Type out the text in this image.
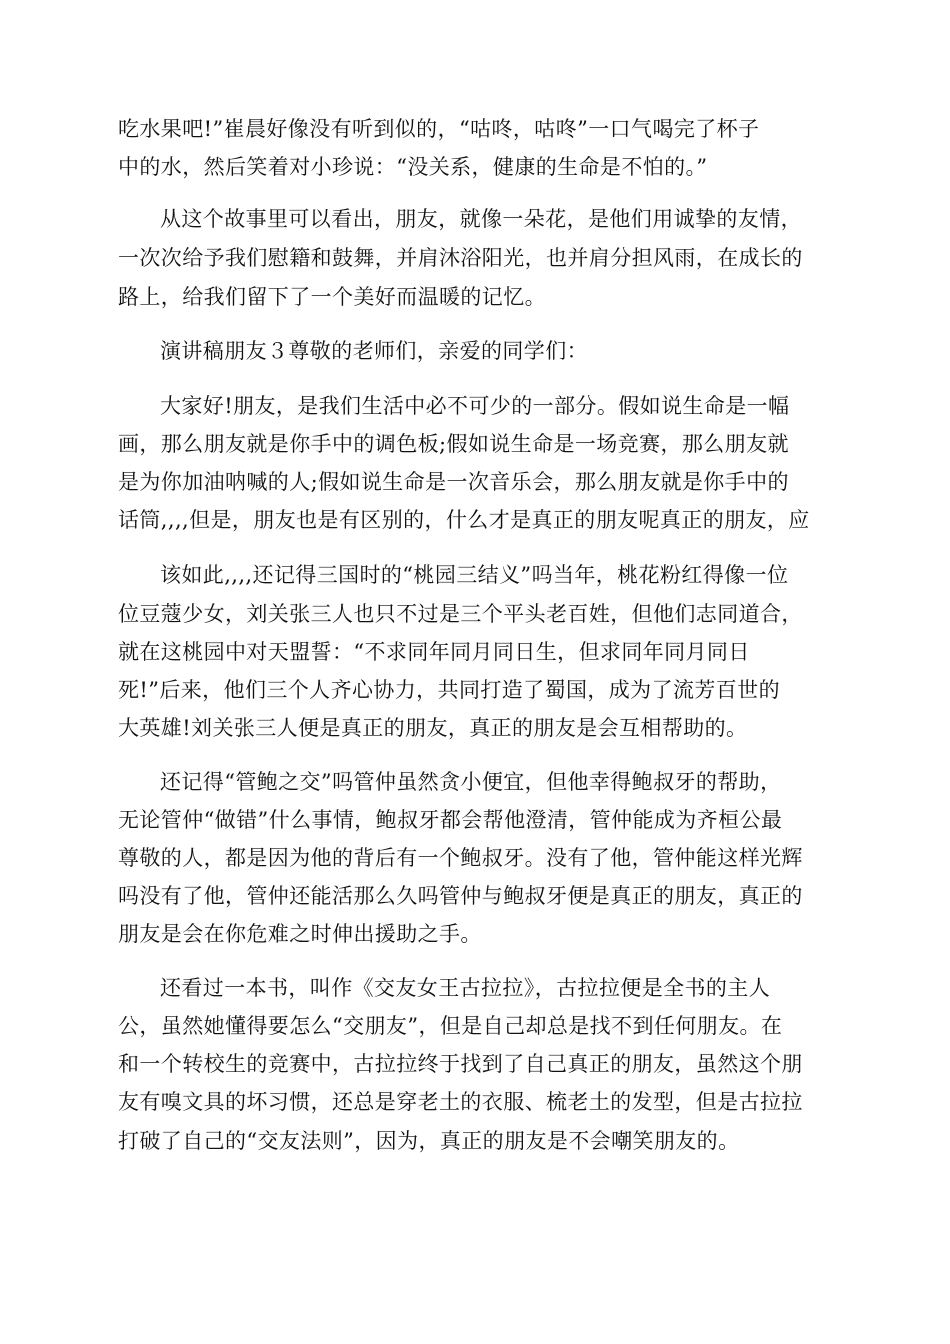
吃水果吧!”崔晨好像没有听到似的，“咕咚，咕咚”一口气喝完了杯子
中的水，然后笑着对小珍说：“没关系，健康的生命是不怕的。”
从这个故事里可以看出，朋友，就像一朵花，是他们用诚挚的友情，
一次次给予我们慰籍和鼓舞，并肩沐浴阳光，也并肩分担风雨，在成长的
路上，给我们留下了一个美好而温暖的记忆。
演讲稿朋友３尊敬的老师们，亲爱的同学们：
大家好!朋友，是我们生活中必不可少的一部分。假如说生命是一幅
画，那么朋友就是你手中的调色板;假如说生命是一场竞赛，那么朋友就
是为你加油呐喊的人;假如说生命是一次音乐会，那么朋友就是你手中的
话筒,,,,但是，朋友也是有区别的，什么才是真正的朋友呢真正的朋友，应
该如此,,,,还记得三国时的“桃园三结义”吗当年，桃花粉红得像一位
位豆蔻少女，刘关张三人也只不过是三个平头老百姓，但他们志同道合，
就在这桃园中对天盟誓：“不求同年同月同日生，但求同年同月同日
死!”后来，他们三个人齐心协力，共同打造了蜀国，成为了流芳百世的
大英雄!刘关张三人便是真正的朋友，真正的朋友是会互相帮助的。
还记得“管鲍之交”吗管仲虽然贪小便宜，但他幸得鲍叔牙的帮助，
无论管仲“做错”什么事情，鲍叔牙都会帮他澄清，管仲能成为齐桓公最
尊敬的人，都是因为他的背后有一个鲍叔牙。没有了他，管仲能这样光辉
吗没有了他，管仲还能活那么久吗管仲与鲍叔牙便是真正的朋友，真正的
朋友是会在你危难之时伸出援助之手。
还看过一本书，叫作《交友女王古拉拉》，古拉拉便是全书的主人
公，虽然她懂得要怎么“交朋友”，但是自己却总是找不到任何朋友。在
和一个转校生的竞赛中，古拉拉终于找到了自己真正的朋友，虽然这个朋
友有嗅文具的坏习惯，还总是穿老土的衣服、梳老土的发型，但是古拉拉
打破了自己的“交友法则”，因为，真正的朋友是不会嘲笑朋友的。
